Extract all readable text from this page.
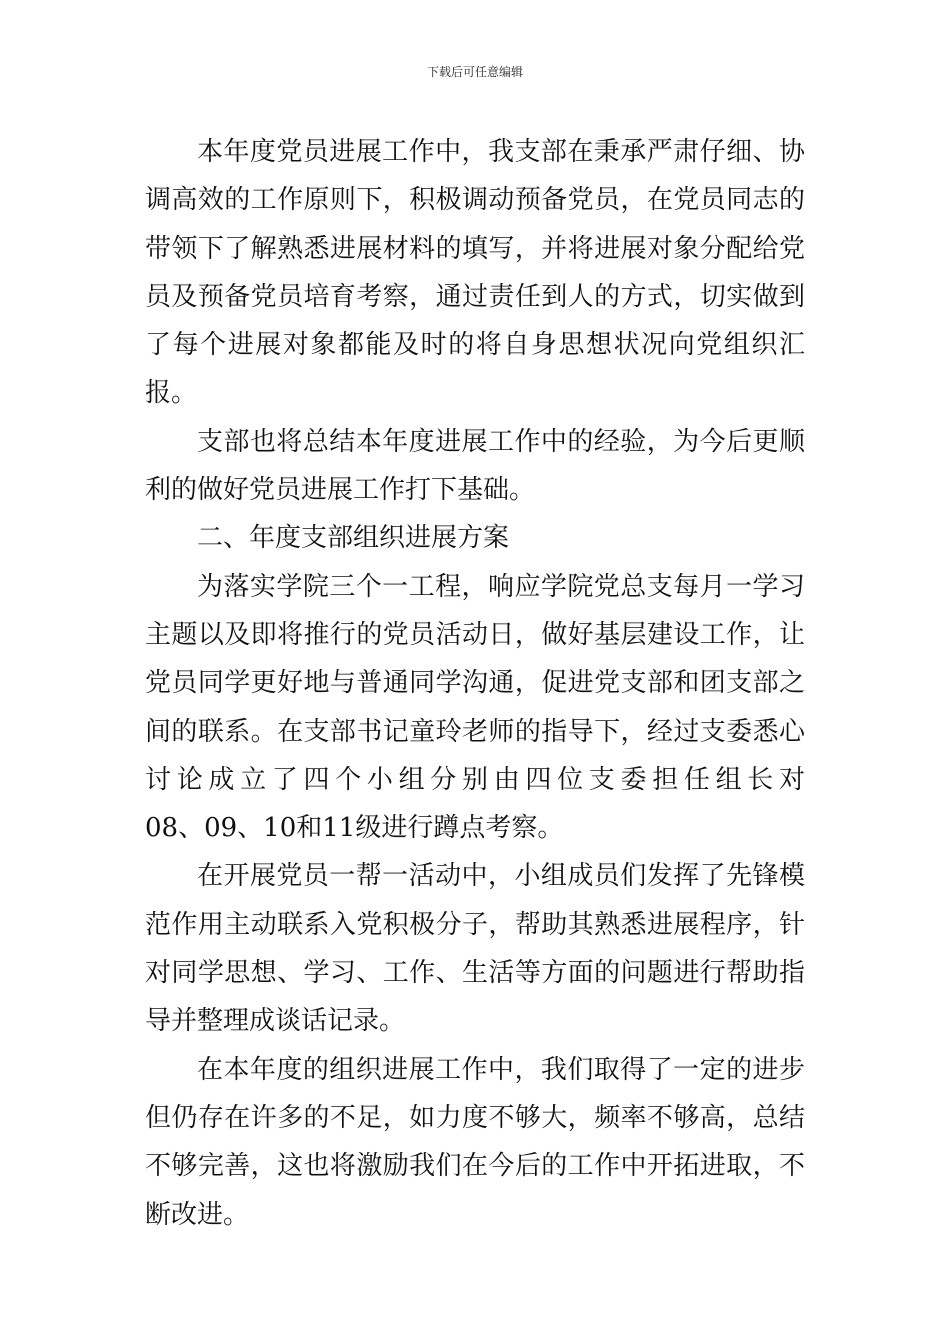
下载后可任意编辑

本年度党员进展工作中，我支部在秉承严肃仔细、协调高效的工作原则下，积极调动预备党员，在党员同志的带领下了解熟悉进展材料的填写，并将进展对象分配给党员及预备党员培育考察，通过责任到人的方式，切实做到了每个进展对象都能及时的将自身思想状况向党组织汇报。

支部也将总结本年度进展工作中的经验，为今后更顺利的做好党员进展工作打下基础。

二、年度支部组织进展方案

为落实学院三个一工程，响应学院党总支每月一学习主题以及即将推行的党员活动日，做好基层建设工作，让党员同学更好地与普通同学沟通，促进党支部和团支部之间的联系。在支部书记童玲老师的指导下，经过支委悉心讨论成立了四个小组分别由四位支委担任组长对

08、09、10和11级进行蹲点考察。

在开展党员一帮一活动中，小组成员们发挥了先锋模范作用主动联系入党积极分子，帮助其熟悉进展程序，针对同学思想、学习、工作、生活等方面的问题进行帮助指导并整理成谈话记录。

在本年度的组织进展工作中，我们取得了一定的进步但仍存在许多的不足，如力度不够大，频率不够高，总结不够完善，这也将激励我们在今后的工作中开拓进取，不断改进。
